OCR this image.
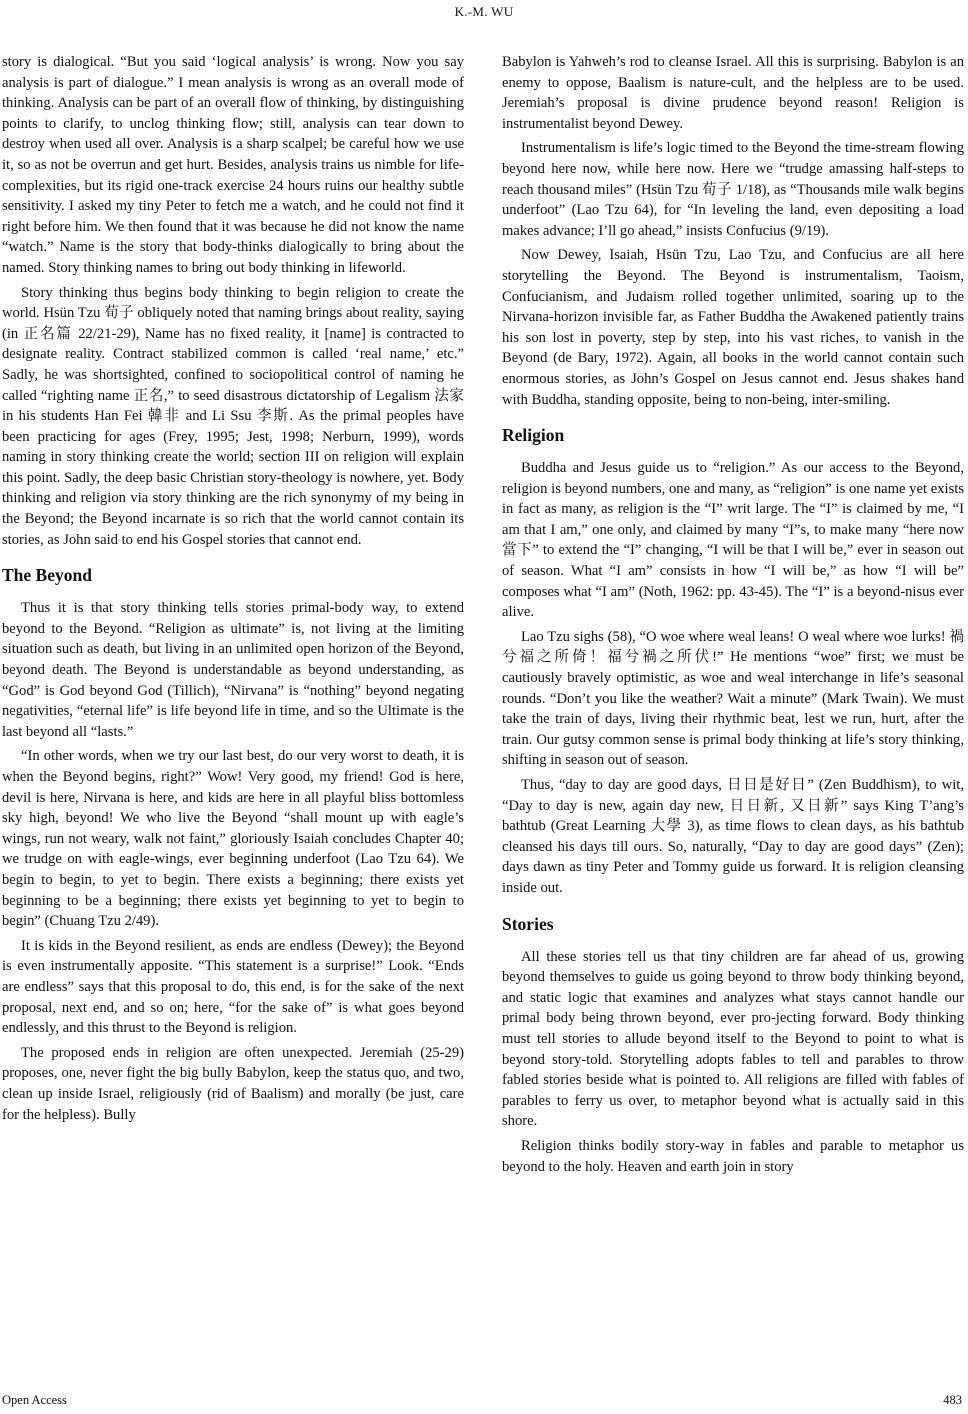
K.-M. WU

story is dialogical. “But you said ‘logical analysis’ is wrong. Now you say analysis is part of dialogue.” I mean analysis is wrong as an overall mode of thinking. Analysis can be part of an overall flow of thinking, by distinguishing points to clarify, to unclog thinking flow; still, analysis can tear down to destroy when used all over. Analysis is a sharp scalpel; be careful how we use it, so as not be overrun and get hurt. Besides, analysis trains us nimble for life-complexities, but its rigid one-track exercise 24 hours ruins our healthy subtle sensitivity. I asked my tiny Peter to fetch me a watch, and he could not find it right before him. We then found that it was because he did not know the name “watch.” Name is the story that body-thinks dialogically to bring about the named. Story thinking names to bring out body thinking in lifeworld.

Story thinking thus begins body thinking to begin religion to create the world. Hsün Tzu 荀子 obliquely noted that naming brings about reality, saying (in 正名篇 22/21-29), Name has no fixed reality, it [name] is contracted to designate reality. Contract stabilized common is called ‘real name,’ etc.” Sadly, he was shortsighted, confined to sociopolitical control of naming he called “righting name 正名,” to seed disastrous dictatorship of Legalism 法家 in his students Han Fei 韓非 and Li Ssu 李斯. As the primal peoples have been practicing for ages (Frey, 1995; Jest, 1998; Nerburn, 1999), words naming in story thinking create the world; section III on religion will explain this point. Sadly, the deep basic Christian story-theology is nowhere, yet. Body thinking and religion via story thinking are the rich synonymy of my being in the Beyond; the Beyond incarnate is so rich that the world cannot contain its stories, as John said to end his Gospel stories that cannot end.

The Beyond

Thus it is that story thinking tells stories primal-body way, to extend beyond to the Beyond. “Religion as ultimate” is, not living at the limiting situation such as death, but living in an unlimited open horizon of the Beyond, beyond death. The Beyond is understandable as beyond understanding, as “God” is God beyond God (Tillich), “Nirvana” is “nothing” beyond negating negativities, “eternal life” is life beyond life in time, and so the Ultimate is the last beyond all “lasts.”

“In other words, when we try our last best, do our very worst to death, it is when the Beyond begins, right?” Wow! Very good, my friend! God is here, devil is here, Nirvana is here, and kids are here in all playful bliss bottomless sky high, beyond! We who live the Beyond “shall mount up with eagle’s wings, run not weary, walk not faint,” gloriously Isaiah concludes Chapter 40; we trudge on with eagle-wings, ever beginning underfoot (Lao Tzu 64). We begin to begin, to yet to begin. There exists a beginning; there exists yet beginning to be a beginning; there exists yet beginning to yet to begin to begin” (Chuang Tzu 2/49).

It is kids in the Beyond resilient, as ends are endless (Dewey); the Beyond is even instrumentally apposite. “This statement is a surprise!” Look. “Ends are endless” says that this proposal to do, this end, is for the sake of the next proposal, next end, and so on; here, “for the sake of” is what goes beyond endlessly, and this thrust to the Beyond is religion.

The proposed ends in religion are often unexpected. Jeremiah (25-29) proposes, one, never fight the big bully Babylon, keep the status quo, and two, clean up inside Israel, religiously (rid of Baalism) and morally (be just, care for the helpless). Bully

Babylon is Yahweh’s rod to cleanse Israel. All this is surprising. Babylon is an enemy to oppose, Baalism is nature-cult, and the helpless are to be used. Jeremiah’s proposal is divine prudence beyond reason! Religion is instrumentalist beyond Dewey.

Instrumentalism is life’s logic timed to the Beyond the time-stream flowing beyond here now, while here now. Here we “trudge amassing half-steps to reach thousand miles” (Hsün Tzu 荀子 1/18), as “Thousands mile walk begins underfoot” (Lao Tzu 64), for “In leveling the land, even depositing a load makes advance; I’ll go ahead,” insists Confucius (9/19).

Now Dewey, Isaiah, Hsün Tzu, Lao Tzu, and Confucius are all here storytelling the Beyond. The Beyond is instrumentalism, Taoism, Confucianism, and Judaism rolled together unlimited, soaring up to the Nirvana-horizon invisible far, as Father Buddha the Awakened patiently trains his son lost in poverty, step by step, into his vast riches, to vanish in the Beyond (de Bary, 1972). Again, all books in the world cannot contain such enormous stories, as John’s Gospel on Jesus cannot end. Jesus shakes hand with Buddha, standing opposite, being to non-being, inter-smiling.

Religion

Buddha and Jesus guide us to “religion.” As our access to the Beyond, religion is beyond numbers, one and many, as “religion” is one name yet exists in fact as many, as religion is the “I” writ large. The “I” is claimed by me, “I am that I am,” one only, and claimed by many “I”s, to make many “here now 當下” to extend the “I” changing, “I will be that I will be,” ever in season out of season. What “I am” consists in how “I will be,” as how “I will be” composes what “I am” (Noth, 1962: pp. 43-45). The “I” is a beyond-nisus ever alive.

Lao Tzu sighs (58), “O woe where weal leans! O weal where woe lurks! 禍兮福之所倚！福兮禍之所伏!” He mentions “woe” first; we must be cautiously bravely optimistic, as woe and weal interchange in life’s seasonal rounds. “Don’t you like the weather? Wait a minute” (Mark Twain). We must take the train of days, living their rhythmic beat, lest we run, hurt, after the train. Our gutsy common sense is primal body thinking at life’s story thinking, shifting in season out of season.

Thus, “day to day are good days, 日日是好日” (Zen Buddhism), to wit, “Day to day is new, again day new, 日日新, 又日新” says King T’ang’s bathtub (Great Learning 大學 3), as time flows to clean days, as his bathtub cleansed his days till ours. So, naturally, “Day to day are good days” (Zen); days dawn as tiny Peter and Tommy guide us forward. It is religion cleansing inside out.

Stories

All these stories tell us that tiny children are far ahead of us, growing beyond themselves to guide us going beyond to throw body thinking beyond, and static logic that examines and analyzes what stays cannot handle our primal body being thrown beyond, ever pro-jecting forward. Body thinking must tell stories to allude beyond itself to the Beyond to point to what is beyond story-told. Storytelling adopts fables to tell and parables to throw fabled stories beside what is pointed to. All religions are filled with fables of parables to ferry us over, to metaphor beyond what is actually said in this shore.

Religion thinks bodily story-way in fables and parable to metaphor us beyond to the holy. Heaven and earth join in story

Open Access	483
